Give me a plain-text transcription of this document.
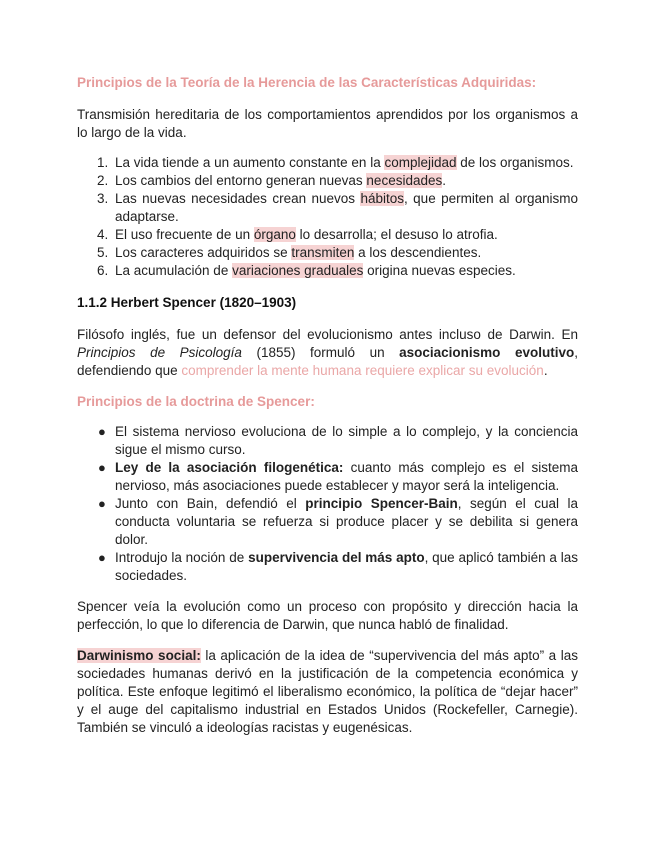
Principios de la Teoría de la Herencia de las Características Adquiridas:

Transmisión hereditaria de los comportamientos aprendidos por los organismos a lo largo de la vida.

1. La vida tiende a un aumento constante en la complejidad de los organismos.
2. Los cambios del entorno generan nuevas necesidades.
3. Las nuevas necesidades crean nuevos hábitos, que permiten al organismo adaptarse.
4. El uso frecuente de un órgano lo desarrolla; el desuso lo atrofia.
5. Los caracteres adquiridos se transmiten a los descendientes.
6. La acumulación de variaciones graduales origina nuevas especies.

1.1.2 Herbert Spencer (1820–1903)

Filósofo inglés, fue un defensor del evolucionismo antes incluso de Darwin. En Principios de Psicología (1855) formuló un asociacionismo evolutivo, defendiendo que comprender la mente humana requiere explicar su evolución.

Principios de la doctrina de Spencer:

● El sistema nervioso evoluciona de lo simple a lo complejo, y la conciencia sigue el mismo curso.
● Ley de la asociación filogenética: cuanto más complejo es el sistema nervioso, más asociaciones puede establecer y mayor será la inteligencia.
● Junto con Bain, defendió el principio Spencer-Bain, según el cual la conducta voluntaria se refuerza si produce placer y se debilita si genera dolor.
● Introdujo la noción de supervivencia del más apto, que aplicó también a las sociedades.

Spencer veía la evolución como un proceso con propósito y dirección hacia la perfección, lo que lo diferencia de Darwin, que nunca habló de finalidad.

Darwinismo social: la aplicación de la idea de “supervivencia del más apto” a las sociedades humanas derivó en la justificación de la competencia económica y política. Este enfoque legitimó el liberalismo económico, la política de “dejar hacer” y el auge del capitalismo industrial en Estados Unidos (Rockefeller, Carnegie). También se vinculó a ideologías racistas y eugenésicas.
